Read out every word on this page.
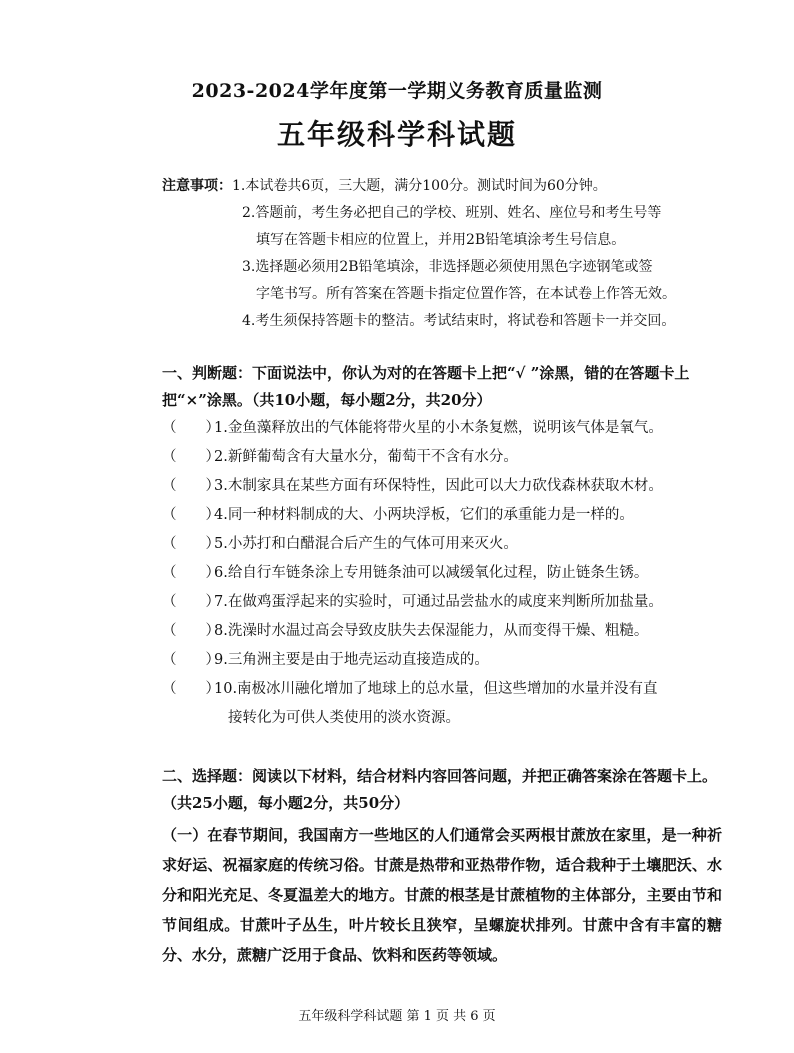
2023-2024学年度第一学期义务教育质量监测
五年级科学科试题
注意事项： 1.本试卷共6页，三大题，满分100分。测试时间为60分钟。
2.答题前，考生务必把自己的学校、班别、姓名、座位号和考生号等
填写在答题卡相应的位置上，并用2B铅笔填涂考生号信息。
3.选择题必须用2B铅笔填涂，非选择题必须使用黑色字迹钢笔或签
字笔书写。所有答案在答题卡指定位置作答，在本试卷上作答无效。
4.考生须保持答题卡的整洁。考试结束时，将试卷和答题卡一并交回。
一、判断题：下面说法中，你认为对的在答题卡上把“√ ”涂黑，错的在答题卡上把“×”涂黑。（共10小题，每小题2分，共20分）
（　　）1.金鱼藻释放出的气体能将带火星的小木条复燃，说明该气体是氧气。
（　　）2.新鲜葡萄含有大量水分，葡萄干不含有水分。
（　　）3.木制家具在某些方面有环保特性，因此可以大力砍伐森林获取木材。
（　　）4.同一种材料制成的大、小两块浮板，它们的承重能力是一样的。
（　　）5.小苏打和白醋混合后产生的气体可用来灭火。
（　　）6.给自行车链条涂上专用链条油可以减缓氧化过程，防止链条生锈。
（　　）7.在做鸡蛋浮起来的实验时，可通过品尝盐水的咸度来判断所加盐量。
（　　）8.洗澡时水温过高会导致皮肤失去保湿能力，从而变得干燥、粗糙。
（　　）9.三角洲主要是由于地壳运动直接造成的。
（　　）10.南极冰川融化增加了地球上的总水量，但这些增加的水量并没有直
接转化为可供人类使用的淡水资源。
二、选择题：阅读以下材料，结合材料内容回答问题，并把正确答案涂在答题卡上。（共25小题，每小题2分，共50分）
（一）在春节期间，我国南方一些地区的人们通常会买两根甘蔗放在家里，是一种祈求好运、祝福家庭的传统习俗。甘蔗是热带和亚热带作物，适合栽种于土壤肥沃、水分和阳光充足、冬夏温差大的地方。甘蔗的根茎是甘蔗植物的主体部分，主要由节和节间组成。甘蔗叶子丛生，叶片较长且狭窄，呈螺旋状排列。甘蔗中含有丰富的糖分、水分，蔗糖广泛用于食品、饮料和医药等领域。
五年级科学科试题 第 1 页 共 6 页
